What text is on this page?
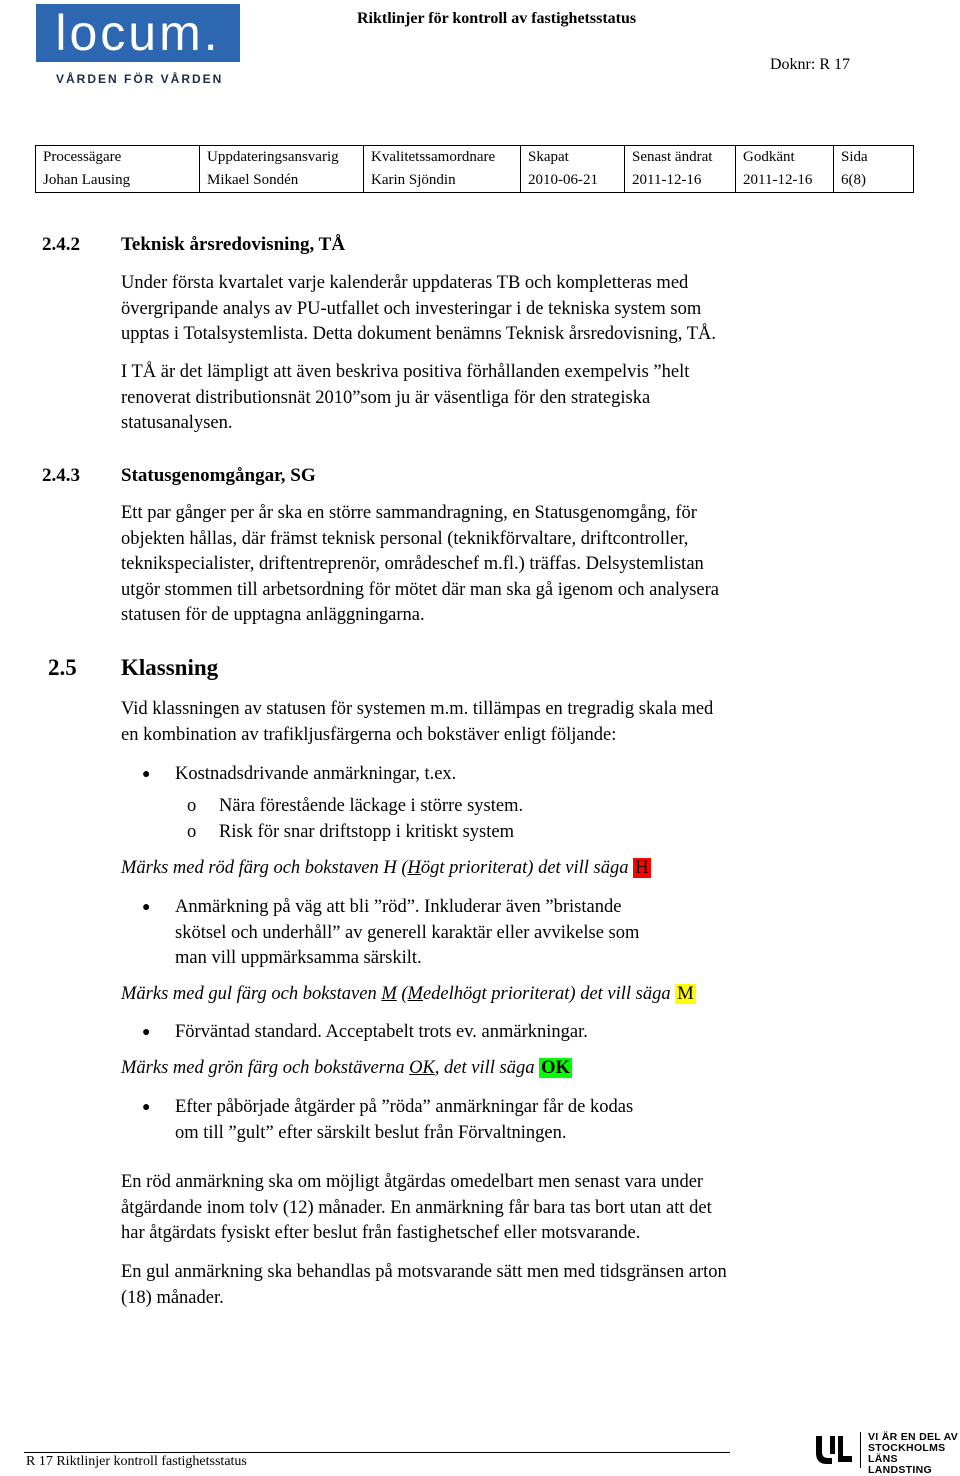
locum.
VÅRDEN FÖR VÅRDEN
Riktlinjer för kontroll av fastighetsstatus
Doknr: R 17
Processägare	Uppdateringsansvarig	Kvalitetssamordnare	Skapat	Senast ändrat	Godkänt	Sida
Johan Lausing	Mikael Sondén	Karin Sjöndin	2010-06-21	2011-12-16	2011-12-16	6(8)
2.4.2 Teknisk årsredovisning, TÅ
Under första kvartalet varje kalenderår uppdateras TB och kompletteras med
övergripande analys av PU-utfallet och investeringar i de tekniska system som
upptas i Totalsystemlista. Detta dokument benämns Teknisk årsredovisning, TÅ.
I TÅ är det lämpligt att även beskriva positiva förhållanden exempelvis ”helt
renoverat distributionsnät 2010”som ju är väsentliga för den strategiska
statusanalysen.
2.4.3 Statusgenomgångar, SG
Ett par gånger per år ska en större sammandragning, en Statusgenomgång, för
objekten hållas, där främst teknisk personal (teknikförvaltare, driftcontroller,
teknikspecialister, driftentreprenör, områdeschef m.fl.) träffas. Delsystemlistan
utgör stommen till arbetsordning för mötet där man ska gå igenom och analysera
statusen för de upptagna anläggningarna.
2.5 Klassning
Vid klassningen av statusen för systemen m.m. tillämpas en tregradig skala med
en kombination av trafikljusfärgerna och bokstäver enligt följande:
● Kostnadsdrivande anmärkningar, t.ex.
o Nära förestående läckage i större system.
o Risk för snar driftstopp i kritiskt system
Märks med röd färg och bokstaven H (Högt prioriterat) det vill säga H
● Anmärkning på väg att bli ”röd”. Inkluderar även ”bristande
skötsel och underhåll” av generell karaktär eller avvikelse som
man vill uppmärksamma särskilt.
Märks med gul färg och bokstaven M (Medelhögt prioriterat) det vill säga M
● Förväntad standard. Acceptabelt trots ev. anmärkningar.
Märks med grön färg och bokstäverna OK, det vill säga OK
● Efter påbörjade åtgärder på ”röda” anmärkningar får de kodas
om till ”gult” efter särskilt beslut från Förvaltningen.
En röd anmärkning ska om möjligt åtgärdas omedelbart men senast vara under
åtgärdande inom tolv (12) månader. En anmärkning får bara tas bort utan att det
har åtgärdats fysiskt efter beslut från fastighetschef eller motsvarande.
En gul anmärkning ska behandlas på motsvarande sätt men med tidsgränsen arton
(18) månader.
R 17 Riktlinjer kontroll fastighetsstatus
VI ÄR EN DEL AV
STOCKHOLMS
LÄNS LANDSTING
